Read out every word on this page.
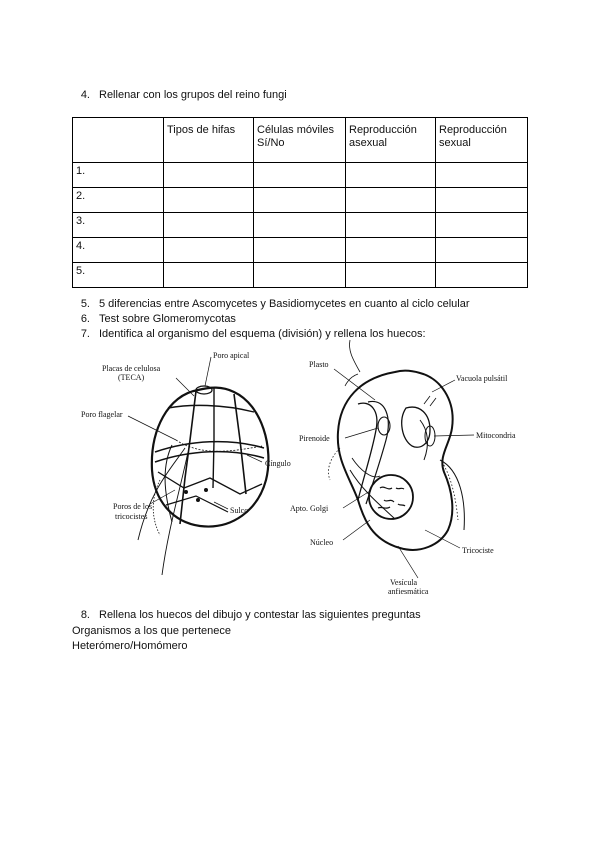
4. Rellenar con los grupos del reino fungi
	Tipos de hifas	Células móviles Sí/No	Reproducción asexual	Reproducción sexual
1.				
2.				
3.				
4.				
5.				
5. 5 diferencias entre Ascomycetes y Basidiomycetes en cuanto al ciclo celular
6. Test sobre Glomeromycotas
7. Identifica al organismo del esquema (división) y rellena los huecos:
Placas de celulosa
(TECA)
Poro apical
Poro flagelar
Cíngulo
Poros de los
tricocistes
Sulco
Plasto
Vacuola pulsátil
Pirenoide	Mitocondria
Apto. Golgi
Núcleo
Tricociste
Vesícula
anfiesmática
8. Rellena los huecos del dibujo y contestar las siguientes preguntas
Organismos a los que pertenece
Heterómero/Homómero
